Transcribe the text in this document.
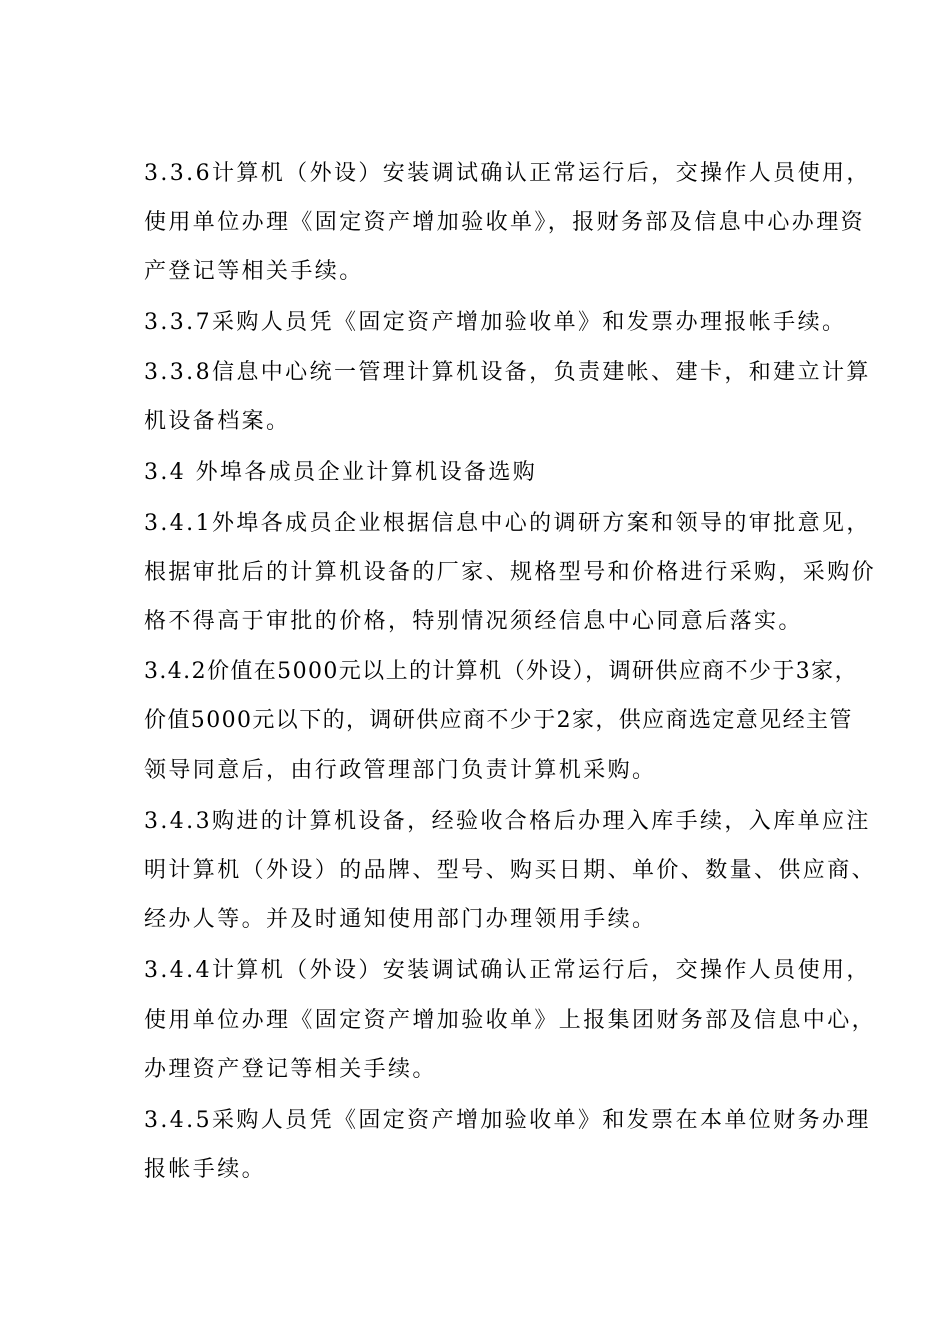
3.3.6计算机（外设）安装调试确认正常运行后，交操作人员使用，
使用单位办理《固定资产增加验收单》，报财务部及信息中心办理资
产登记等相关手续。
3.3.7采购人员凭《固定资产增加验收单》和发票办理报帐手续。
3.3.8信息中心统一管理计算机设备，负责建帐、建卡，和建立计算
机设备档案。
3.4 外埠各成员企业计算机设备选购
3.4.1外埠各成员企业根据信息中心的调研方案和领导的审批意见，
根据审批后的计算机设备的厂家、规格型号和价格进行采购，采购价
格不得高于审批的价格，特别情况须经信息中心同意后落实。
3.4.2价值在5000元以上的计算机（外设），调研供应商不少于3家，
价值5000元以下的，调研供应商不少于2家，供应商选定意见经主管
领导同意后，由行政管理部门负责计算机采购。
3.4.3购进的计算机设备，经验收合格后办理入库手续，入库单应注
明计算机（外设）的品牌、型号、购买日期、单价、数量、供应商、
经办人等。并及时通知使用部门办理领用手续。
3.4.4计算机（外设）安装调试确认正常运行后，交操作人员使用，
使用单位办理《固定资产增加验收单》上报集团财务部及信息中心，
办理资产登记等相关手续。
3.4.5采购人员凭《固定资产增加验收单》和发票在本单位财务办理
报帐手续。
